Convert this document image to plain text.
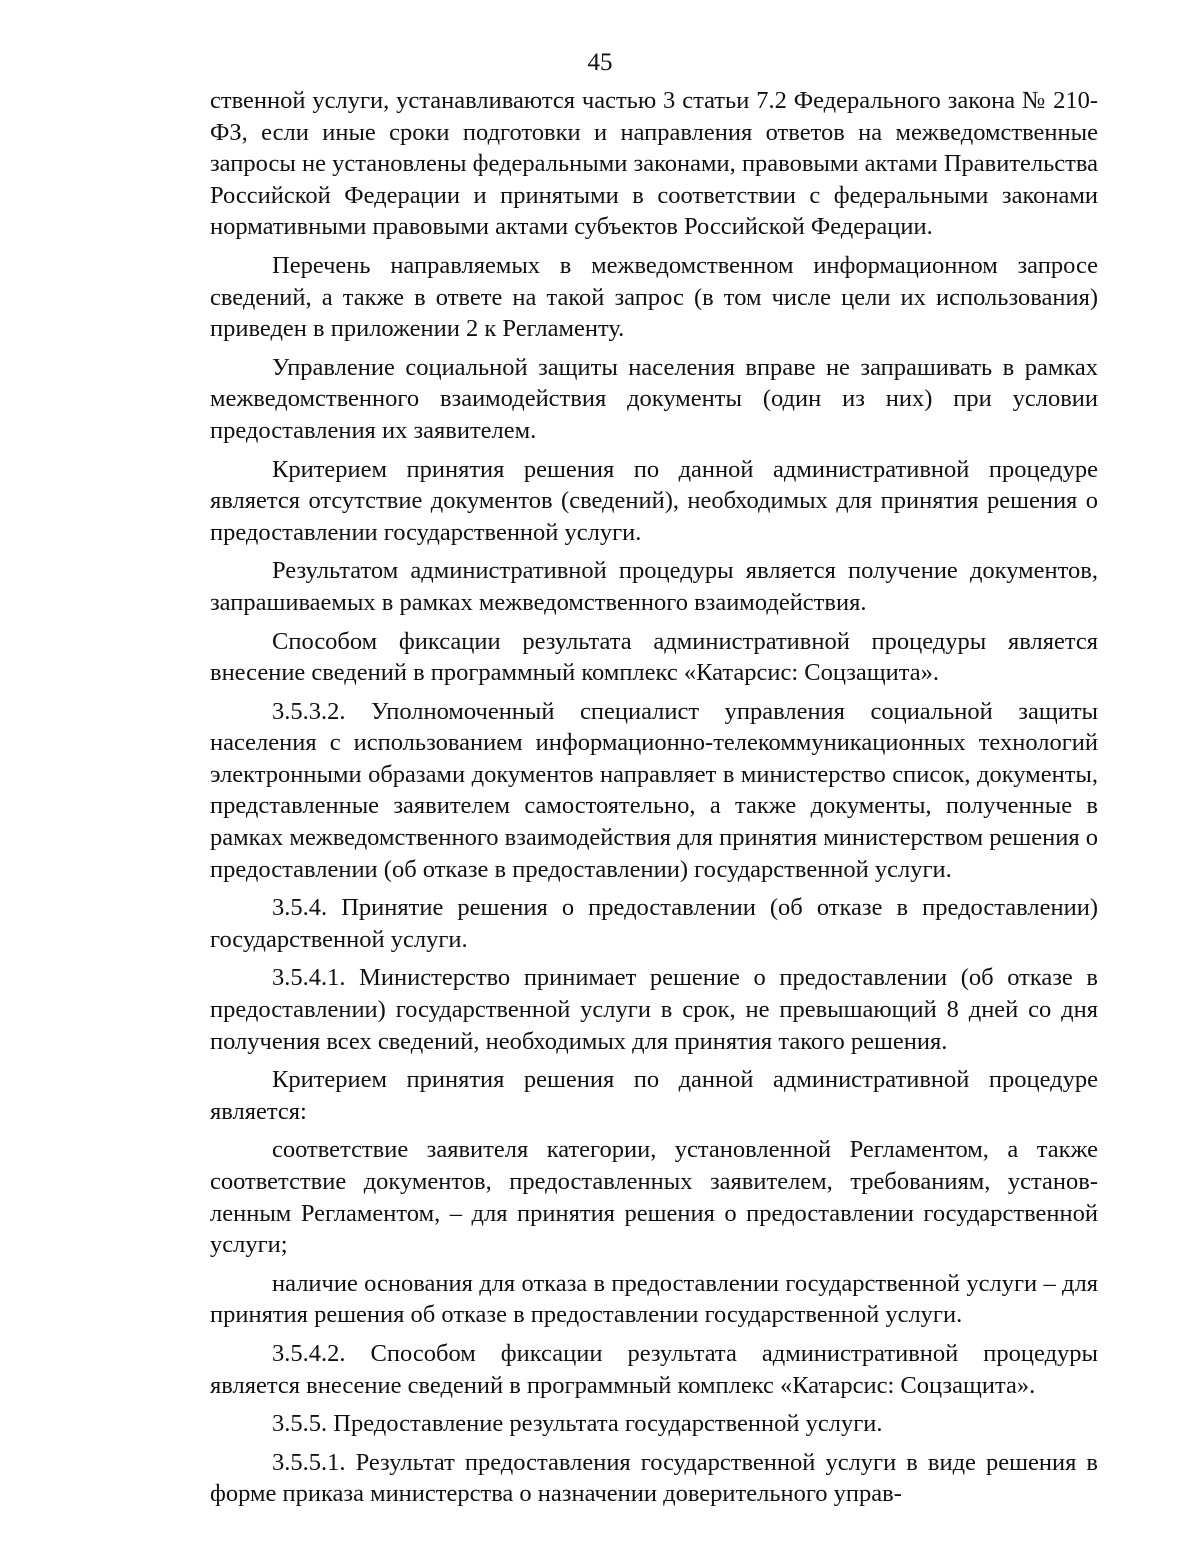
45

ственной услуги, устанавливаются частью 3 статьи 7.2 Федерального закона № 210-ФЗ, если иные сроки подготовки и направления ответов на межведомственные запросы не установлены федеральными законами, правовыми актами Правительства Российской Федерации и принятыми в соответствии с федеральными законами нормативными правовыми актами субъектов Российской Федерации.

Перечень направляемых в межведомственном информационном запросе сведений, а также в ответе на такой запрос (в том числе цели их использования) приведен в приложении 2 к Регламенту.

Управление социальной защиты населения вправе не запрашивать в рамках межведомственного взаимодействия документы (один из них) при условии предоставления их заявителем.

Критерием принятия решения по данной административной процедуре является отсутствие документов (сведений), необходимых для принятия решения о предоставлении государственной услуги.

Результатом административной процедуры является получение документов, запрашиваемых в рамках межведомственного взаимодействия.

Способом фиксации результата административной процедуры является внесение сведений в программный комплекс «Катарсис: Соцзащита».

3.5.3.2. Уполномоченный специалист управления социальной защиты населения с использованием информационно-телекоммуникационных технологий электронными образами документов направляет в министерство список, документы, представленные заявителем самостоятельно, а также документы, полученные в рамках межведомственного взаимодействия для принятия министерством решения о предоставлении (об отказе в предоставлении) государственной услуги.

3.5.4. Принятие решения о предоставлении (об отказе в предоставлении) государственной услуги.

3.5.4.1. Министерство принимает решение о предоставлении (об отказе в предоставлении) государственной услуги в срок, не превышающий 8 дней со дня получения всех сведений, необходимых для принятия такого решения.

Критерием принятия решения по данной административной процедуре является:

соответствие заявителя категории, установленной Регламентом, а также соответствие документов, предоставленных заявителем, требованиям, установленным Регламентом, – для принятия решения о предоставлении государственной услуги;

наличие основания для отказа в предоставлении государственной услуги – для принятия решения об отказе в предоставлении государственной услуги.

3.5.4.2. Способом фиксации результата административной процедуры является внесение сведений в программный комплекс «Катарсис: Соцзащита».

3.5.5. Предоставление результата государственной услуги.

3.5.5.1. Результат предоставления государственной услуги в виде решения в форме приказа министерства о назначении доверительного управ-
